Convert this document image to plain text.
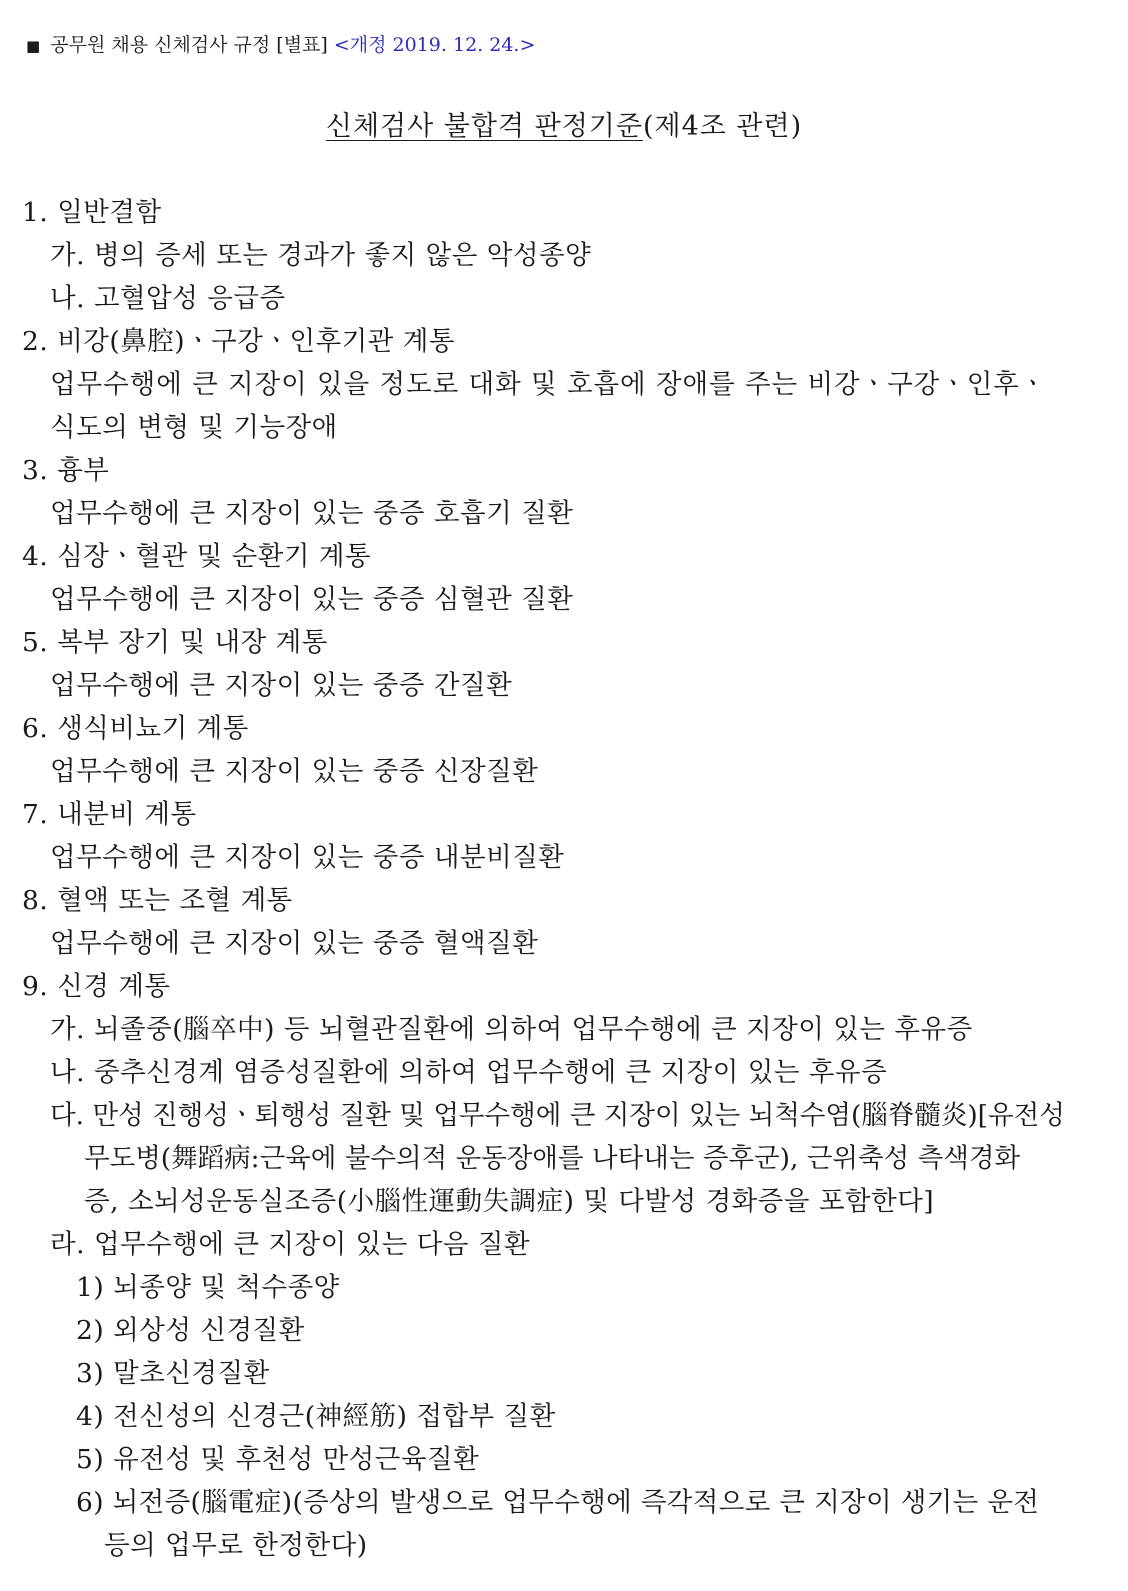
■ 공무원 채용 신체검사 규정 [별표] <개정 2019. 12. 24.>
신체검사 불합격 판정기준(제4조 관련)
1. 일반결함
가. 병의 증세 또는 경과가 좋지 않은 악성종양
나. 고혈압성 응급증
2. 비강(鼻腔)ㆍ구강ㆍ인후기관 계통
업무수행에 큰 지장이 있을 정도로 대화 및 호흡에 장애를 주는 비강ㆍ구강ㆍ인후ㆍ
식도의 변형 및 기능장애
3. 흉부
업무수행에 큰 지장이 있는 중증 호흡기 질환
4. 심장ㆍ혈관 및 순환기 계통
업무수행에 큰 지장이 있는 중증 심혈관 질환
5. 복부 장기 및 내장 계통
업무수행에 큰 지장이 있는 중증 간질환
6. 생식비뇨기 계통
업무수행에 큰 지장이 있는 중증 신장질환
7. 내분비 계통
업무수행에 큰 지장이 있는 중증 내분비질환
8. 혈액 또는 조혈 계통
업무수행에 큰 지장이 있는 중증 혈액질환
9. 신경 계통
가. 뇌졸중(腦卒中) 등 뇌혈관질환에 의하여 업무수행에 큰 지장이 있는 후유증
나. 중추신경계 염증성질환에 의하여 업무수행에 큰 지장이 있는 후유증
다. 만성 진행성ㆍ퇴행성 질환 및 업무수행에 큰 지장이 있는 뇌척수염(腦脊髓炎)[유전성
무도병(舞蹈病:근육에 불수의적 운동장애를 나타내는 증후군), 근위축성 측색경화
증, 소뇌성운동실조증(小腦性運動失調症) 및 다발성 경화증을 포함한다]
라. 업무수행에 큰 지장이 있는 다음 질환
1) 뇌종양 및 척수종양
2) 외상성 신경질환
3) 말초신경질환
4) 전신성의 신경근(神經筋) 접합부 질환
5) 유전성 및 후천성 만성근육질환
6) 뇌전증(腦電症)(증상의 발생으로 업무수행에 즉각적으로 큰 지장이 생기는 운전
등의 업무로 한정한다)
